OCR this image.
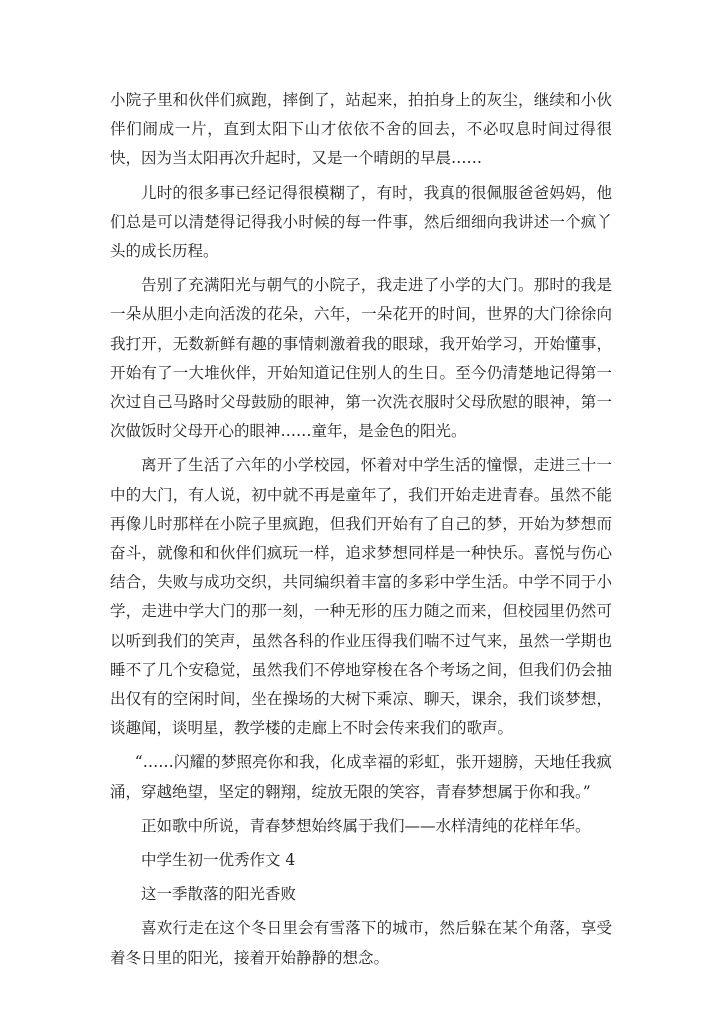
小院子里和伙伴们疯跑，摔倒了，站起来，拍拍身上的灰尘，继续和小伙伴们闹成一片，直到太阳下山才依依不舍的回去，不必叹息时间过得很快，因为当太阳再次升起时，又是一个晴朗的早晨……

儿时的很多事已经记得很模糊了，有时，我真的很佩服爸爸妈妈，他们总是可以清楚得记得我小时候的每一件事，然后细细向我讲述一个疯丫头的成长历程。

告别了充满阳光与朝气的小院子，我走进了小学的大门。那时的我是一朵从胆小走向活泼的花朵，六年，一朵花开的时间，世界的大门徐徐向我打开，无数新鲜有趣的事情刺激着我的眼球，我开始学习，开始懂事，开始有了一大堆伙伴，开始知道记住别人的生日。至今仍清楚地记得第一次过自己马路时父母鼓励的眼神，第一次洗衣服时父母欣慰的眼神，第一次做饭时父母开心的眼神……童年，是金色的阳光。

离开了生活了六年的小学校园，怀着对中学生活的憧憬，走进三十一中的大门，有人说，初中就不再是童年了，我们开始走进青春。虽然不能再像儿时那样在小院子里疯跑，但我们开始有了自己的梦，开始为梦想而奋斗，就像和和伙伴们疯玩一样，追求梦想同样是一种快乐。喜悦与伤心结合，失败与成功交织，共同编织着丰富的多彩中学生活。中学不同于小学，走进中学大门的那一刻，一种无形的压力随之而来，但校园里仍然可以听到我们的笑声，虽然各科的作业压得我们喘不过气来，虽然一学期也睡不了几个安稳觉，虽然我们不停地穿梭在各个考场之间，但我们仍会抽出仅有的空闲时间，坐在操场的大树下乘凉、聊天，课余，我们谈梦想，谈趣闻，谈明星，教学楼的走廊上不时会传来我们的歌声。

“……闪耀的梦照亮你和我，化成幸福的彩虹，张开翅膀，天地任我疯涌，穿越绝望，坚定的翱翔，绽放无限的笑容，青春梦想属于你和我。”

正如歌中所说，青春梦想始终属于我们——水样清纯的花样年华。

中学生初一优秀作文 4

这一季散落的阳光香败

喜欢行走在这个冬日里会有雪落下的城市，然后躲在某个角落，享受着冬日里的阳光，接着开始静静的想念。
